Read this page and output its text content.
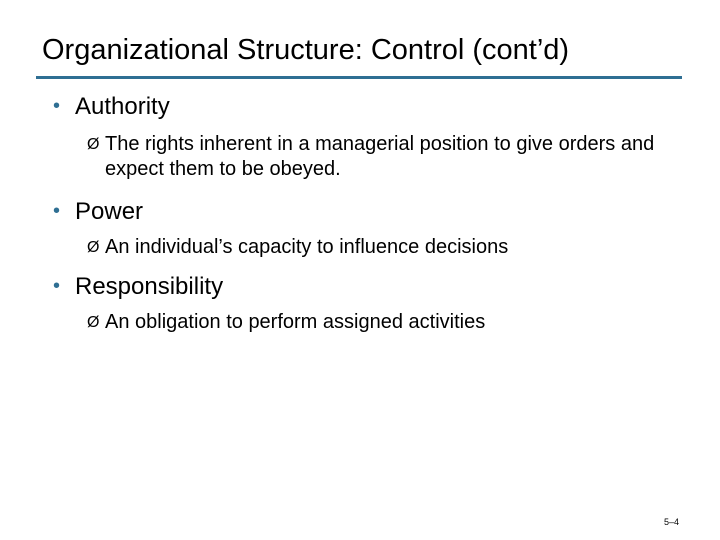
Organizational Structure: Control (cont’d)
• Authority
Ø The rights inherent in a managerial position to give orders and expect them to be obeyed.
• Power
Ø An individual’s capacity to influence decisions
• Responsibility
Ø An obligation to perform assigned activities
5–4
